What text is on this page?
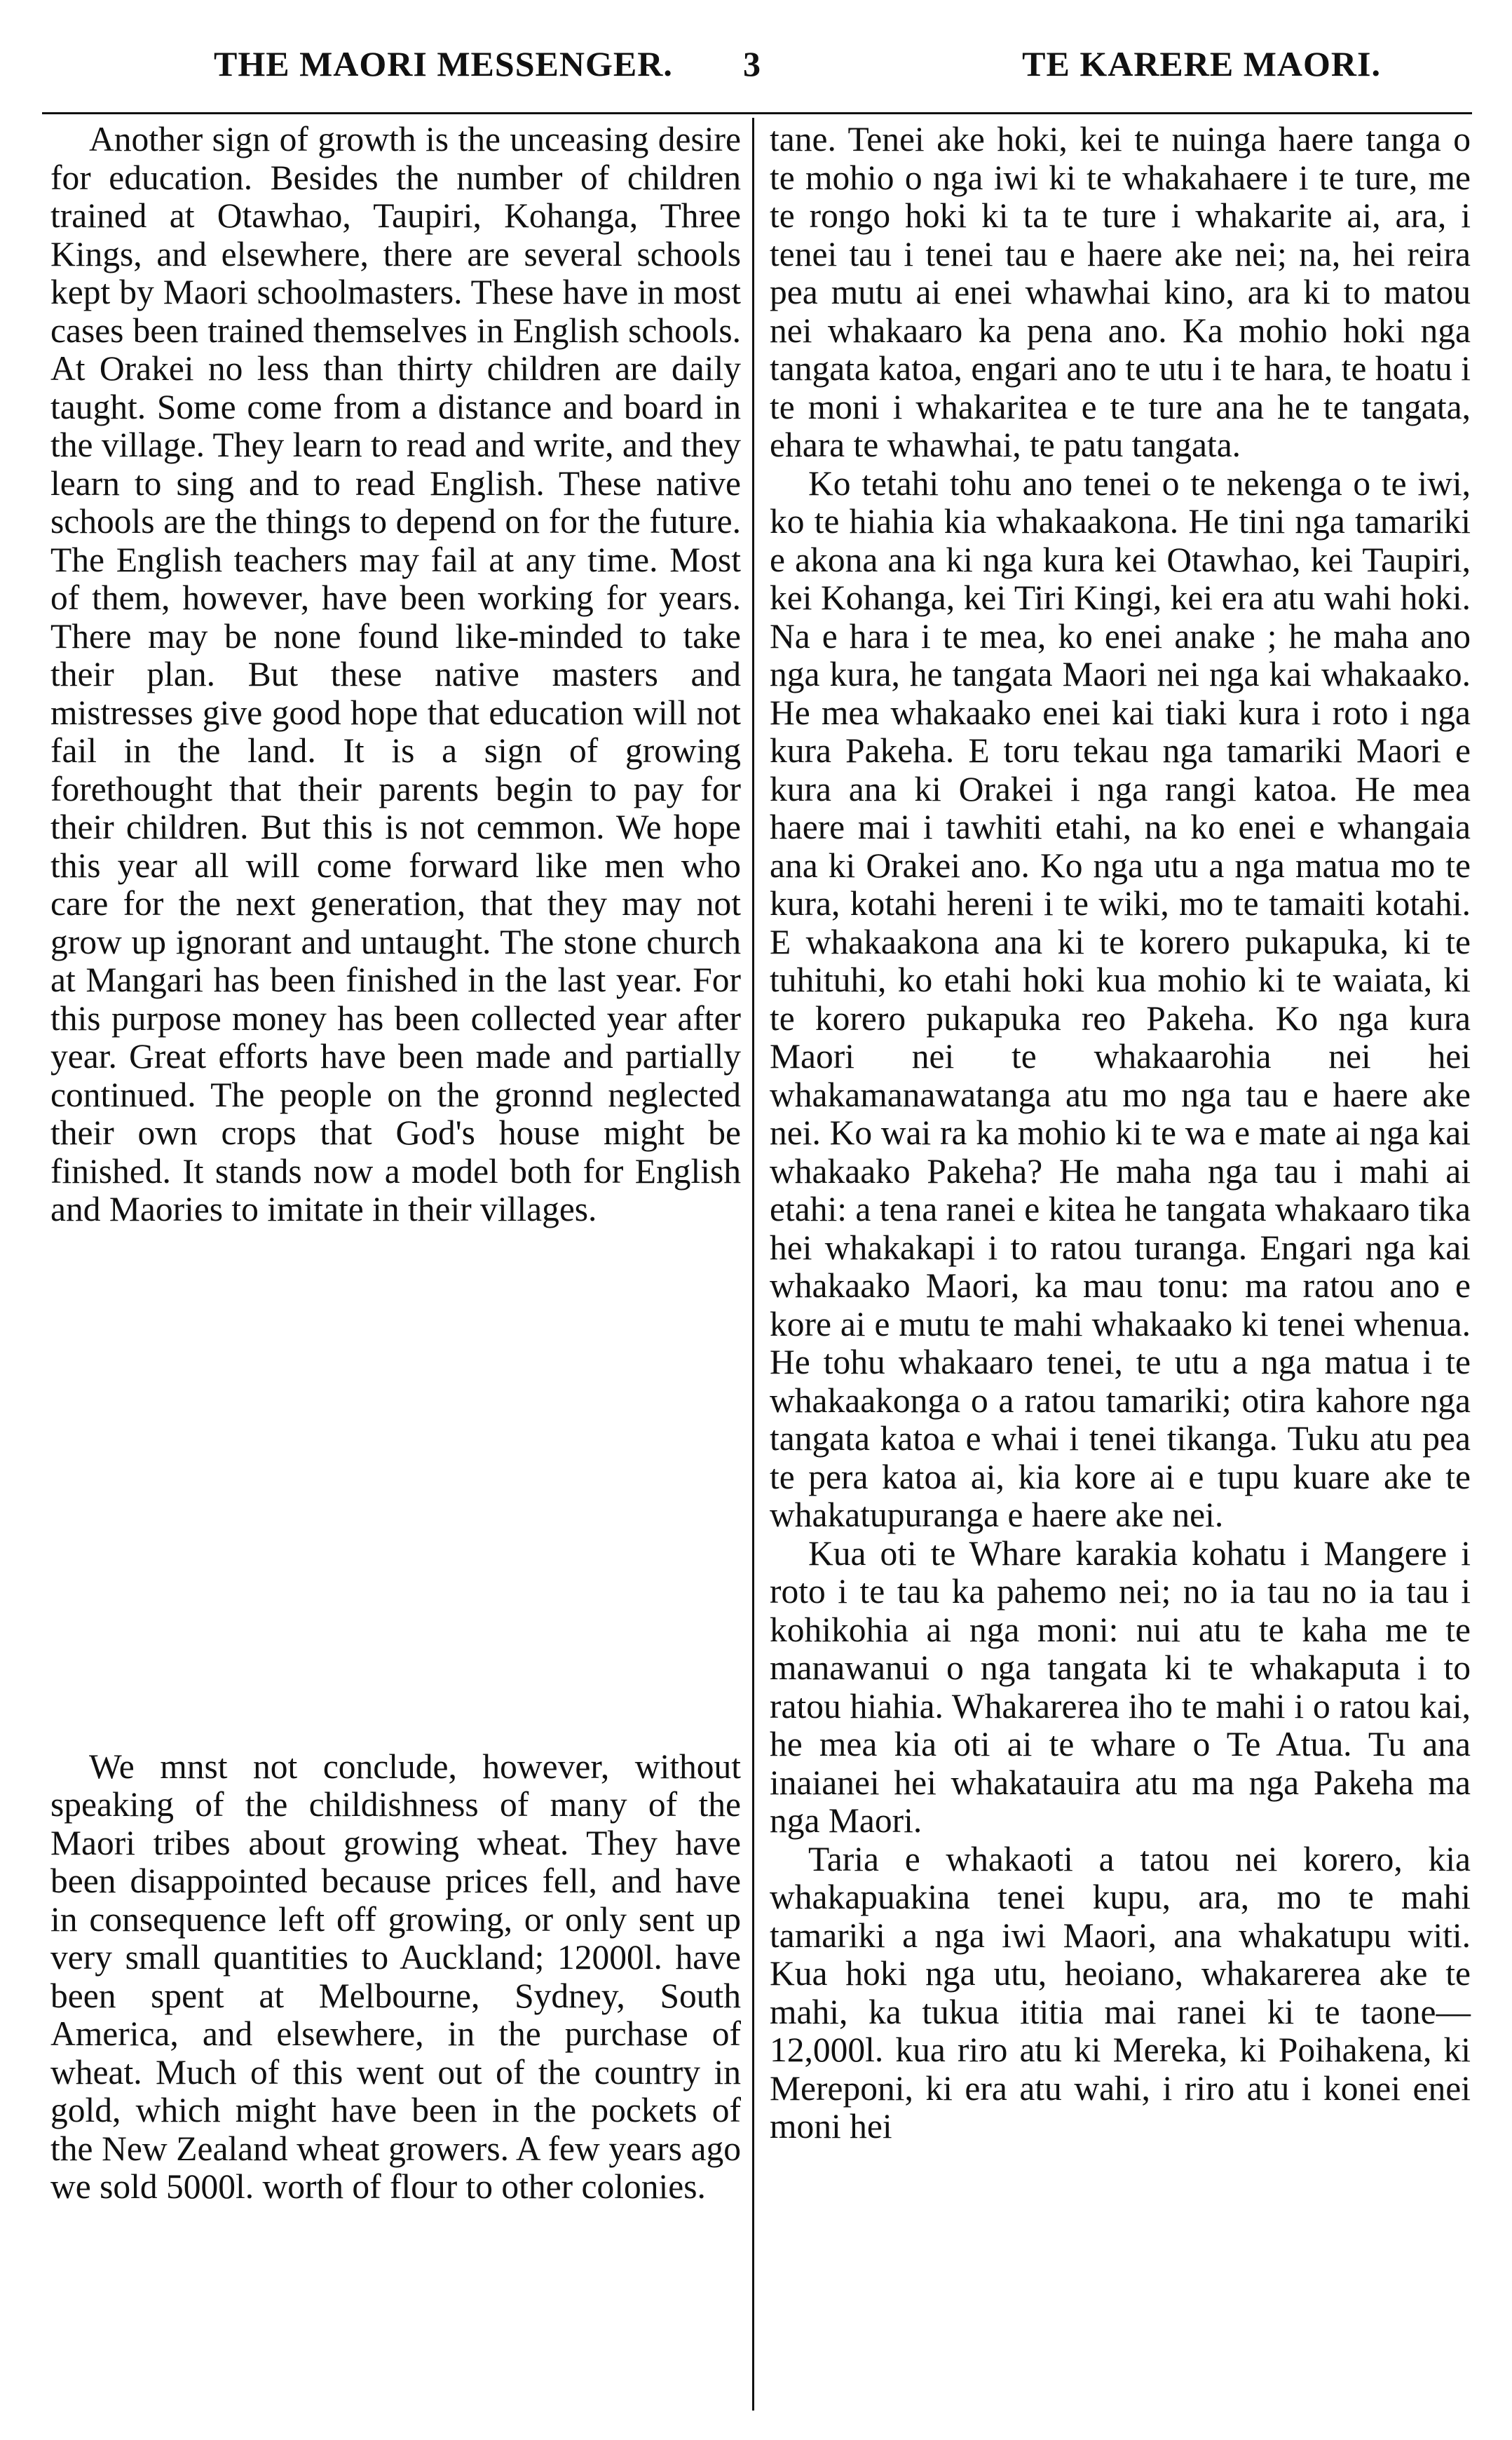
THE MAORI MESSENGER. 3	TE KARERE MAORI.

Another sign of growth is the unceasing desire for education. Besides the number of children trained at Otawhao, Taupiri, Kohanga, Three Kings, and elsewhere, there are several schools kept by Maori schoolmasters. These have in most cases been trained themselves in English schools. At Orakei no less than thirty children are daily taught. Some come from a distance and board in the village. They learn to read and write, and they learn to sing and to read English. These native schools are the things to depend on for the future. The English teachers may fail at any time. Most of them, however, have been working for years. There may be none found like-minded to take their plan. But these native masters and mistresses give good hope that education will not fail in the land. It is a sign of growing forethought that their parents begin to pay for their children. But this is not cemmon. We hope this year all will come forward like men who care for the next generation, that they may not grow up ignorant and untaught. The stone church at Mangari has been finished in the last year. For this purpose money has been collected year after year. Great efforts have been made and partially continued. The people on the gronnd neglected their own crops that God's house might be finished. It stands now a model both for English and Maories to imitate in their villages.

We mnst not conclude, however, without speaking of the childishness of many of the Maori tribes about growing wheat. They have been disappointed because prices fell, and have in consequence left off growing, or only sent up very small quantities to Auckland; 12000l. have been spent at Melbourne, Sydney, South America, and elsewhere, in the purchase of wheat. Much of this went out of the country in gold, which might have been in the pockets of the New Zealand wheat growers. A few years ago we sold 5000l. worth of flour to other colonies.

tane. Tenei ake hoki, kei te nuinga haere tanga o te mohio o nga iwi ki te whakahaere i te ture, me te rongo hoki ki ta te ture i whakarite ai, ara, i tenei tau i tenei tau e haere ake nei; na, hei reira pea mutu ai enei whawhai kino, ara ki to matou nei whakaaro ka pena ano. Ka mohio hoki nga tangata katoa, engari ano te utu i te hara, te hoatu i te moni i whakaritea e te ture ana he te tangata, ehara te whawhai, te patu tangata.

Ko tetahi tohu ano tenei o te nekenga o te iwi, ko te hiahia kia whakaakona. He tini nga tamariki e akona ana ki nga kura kei Otawhao, kei Taupiri, kei Kohanga, kei Tiri Kingi, kei era atu wahi hoki. Na e hara i te mea, ko enei anake ; he maha ano nga kura, he tangata Maori nei nga kai whakaako. He mea whakaako enei kai tiaki kura i roto i nga kura Pakeha. E toru tekau nga tamariki Maori e kura ana ki Orakei i nga rangi katoa. He mea haere mai i tawhiti etahi, na ko enei e whangaia ana ki Orakei ano. Ko nga utu a nga matua mo te kura, kotahi hereni i te wiki, mo te tamaiti kotahi. E whakaakona ana ki te korero pukapuka, ki te tuhituhi, ko etahi hoki kua mohio ki te waiata, ki te korero pukapuka reo Pakeha. Ko nga kura Maori nei te whakaarohia nei hei whakamanawatanga atu mo nga tau e haere ake nei. Ko wai ra ka mohio ki te wa e mate ai nga kai whakaako Pakeha? He maha nga tau i mahi ai etahi: a tena ranei e kitea he tangata whakaaro tika hei whakakapi i to ratou turanga. Engari nga kai whakaako Maori, ka mau tonu: ma ratou ano e kore ai e mutu te mahi whakaako ki tenei whenua. He tohu whakaaro tenei, te utu a nga matua i te whakaakonga o a ratou tamariki; otira kahore nga tangata katoa e whai i tenei tikanga. Tuku atu pea te pera katoa ai, kia kore ai e tupu kuare ake te whakatupuranga e haere ake nei.

Kua oti te Whare karakia kohatu i Mangere i roto i te tau ka pahemo nei; no ia tau no ia tau i kohikohia ai nga moni: nui atu te kaha me te manawanui o nga tangata ki te whakaputa i to ratou hiahia. Whakarerea iho te mahi i o ratou kai, he mea kia oti ai te whare o Te Atua. Tu ana inaianei hei whakatauira atu ma nga Pakeha ma nga Maori.

Taria e whakaoti a tatou nei korero, kia whakapuakina tenei kupu, ara, mo te mahi tamariki a nga iwi Maori, ana whakatupu witi. Kua hoki nga utu, heoiano, whakarerea ake te mahi, ka tukua ititia mai ranei ki te taone—12,000l. kua riro atu ki Mereka, ki Poihakena, ki Mereponi, ki era atu wahi, i riro atu i konei enei moni hei
